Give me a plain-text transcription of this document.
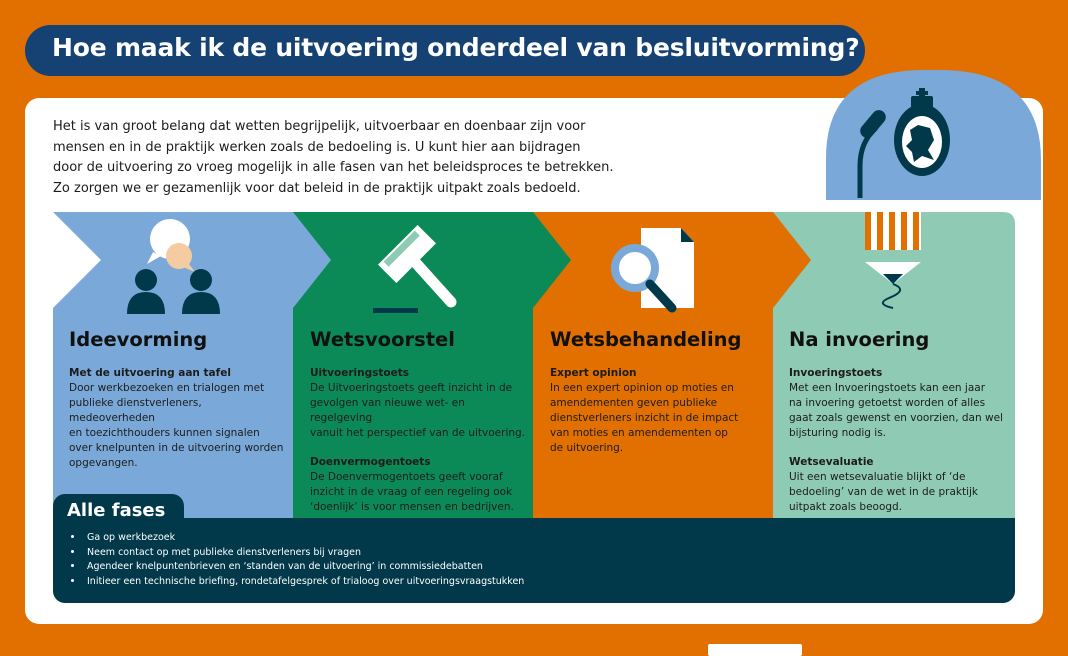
Hoe maak ik de uitvoering onderdeel van besluitvorming?

Het is van groot belang dat wetten begrijpelijk, uitvoerbaar en doenbaar zijn voor

mensen en in de praktijk werken zoals de bedoeling is. U kunt hier aan bijdragen

door de uitvoering zo vroeg mogelijk in alle fasen van het beleidsproces te betrekken.

Zo zorgen we er gezamenlijk voor dat beleid in de praktijk uitpakt zoals bedoeld.

Ideevorming	Wetsvoorstel	Wetsbehandeling Na invoering

Met de uitvoering aan tafel

Door werkbezoeken en trialogen met

publieke dienstverleners, medeoverheden

en toezichthouders kunnen signalen

over knelpunten in de uitvoering worden

opgevangen.

Uitvoeringstoets

De Uitvoeringstoets geeft inzicht in de

gevolgen van nieuwe wet- en regelgeving

vanuit het perspectief van de uitvoering.

Doenvermogentoets

De Doenvermogentoets geeft vooraf

inzicht in de vraag of een regeling ook

‘doenlijk’ is voor mensen en bedrijven.

Expert opinion

In een expert opinion op moties en

amendementen geven publieke

dienstverleners inzicht in de impact

van moties en amendementen op

de uitvoering.

Invoeringstoets

Met een Invoeringstoets kan een jaar

na invoering getoetst worden of alles

gaat zoals gewenst en voorzien, dan wel

bijsturing nodig is.

Wetsevaluatie

Uit een wetsevaluatie blijkt of ‘de

bedoeling’ van de wet in de praktijk

uitpakt zoals beoogd.

Alle fases
Ga op werkbezoek
Neem contact op met publieke dienstverleners bij vragen
Agendeer knelpuntenbrieven en ‘standen van de uitvoering’ in commissiedebatten
Initieer een technische briefing, rondetafelgesprek of trialoog over uitvoeringsvraagstukken
